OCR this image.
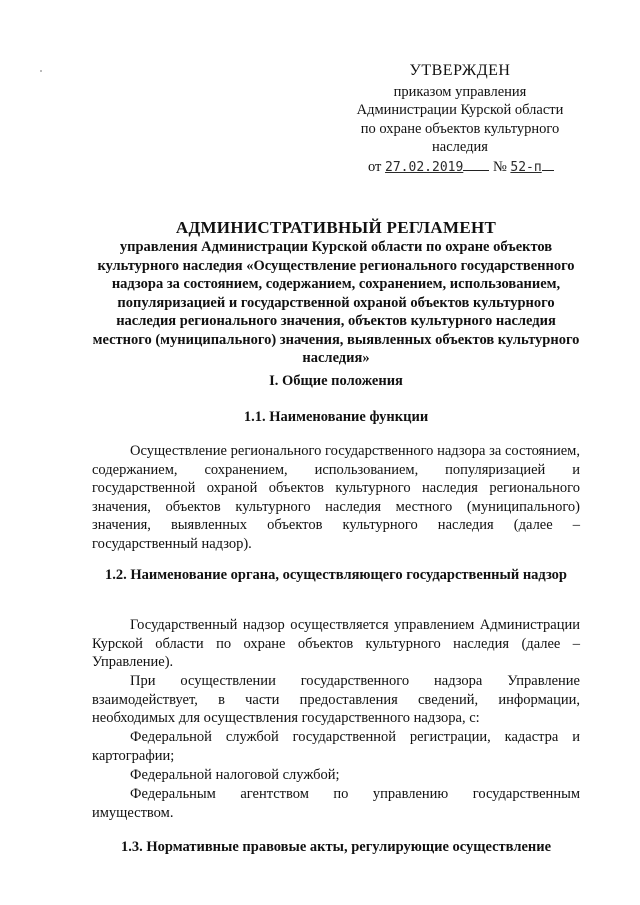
УТВЕРЖДЕН
приказом управления
Администрации Курской области
по охране объектов культурного
наследия
от 27.02.2019 № 52-п
АДМИНИСТРАТИВНЫЙ РЕГЛАМЕНТ
управления Администрации Курской области по охране объектов культурного наследия «Осуществление регионального государственного надзора за состоянием, содержанием, сохранением, использованием, популяризацией и государственной охраной объектов культурного наследия регионального значения, объектов культурного наследия местного (муниципального) значения, выявленных объектов культурного наследия»
I. Общие положения
1.1. Наименование функции
Осуществление регионального государственного надзора за состоянием, содержанием, сохранением, использованием, популяризацией и государственной охраной объектов культурного наследия регионального значения, объектов культурного наследия местного (муниципального) значения, выявленных объектов культурного наследия (далее – государственный надзор).
1.2. Наименование органа, осуществляющего государственный надзор
Государственный надзор осуществляется управлением Администрации Курской области по охране объектов культурного наследия (далее – Управление).
При осуществлении государственного надзора Управление взаимодействует, в части предоставления сведений, информации, необходимых для осуществления государственного надзора, с:
Федеральной службой государственной регистрации, кадастра и картографии;
Федеральной налоговой службой;
Федеральным агентством по управлению государственным имуществом.
1.3. Нормативные правовые акты, регулирующие осуществление
